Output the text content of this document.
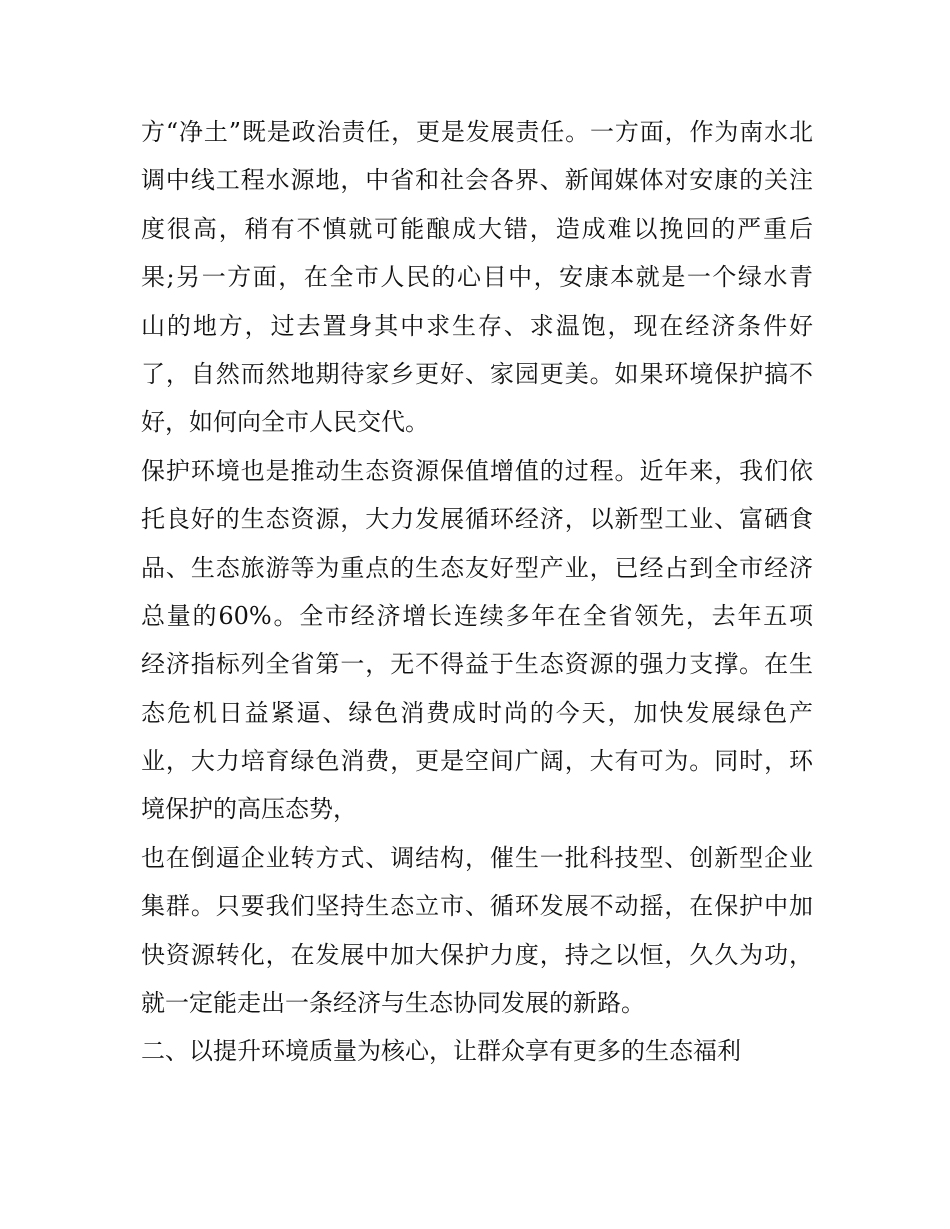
方“净土”既是政治责任，更是发展责任。一方面，作为南水北
调中线工程水源地，中省和社会各界、新闻媒体对安康的关注
度很高，稍有不慎就可能酿成大错，造成难以挽回的严重后
果;另一方面，在全市人民的心目中，安康本就是一个绿水青
山的地方，过去置身其中求生存、求温饱，现在经济条件好
了，自然而然地期待家乡更好、家园更美。如果环境保护搞不
好，如何向全市人民交代。
保护环境也是推动生态资源保值增值的过程。近年来，我们依
托良好的生态资源，大力发展循环经济，以新型工业、富硒食
品、生态旅游等为重点的生态友好型产业，已经占到全市经济
总量的60%。全市经济增长连续多年在全省领先，去年五项
经济指标列全省第一，无不得益于生态资源的强力支撑。在生
态危机日益紧逼、绿色消费成时尚的今天，加快发展绿色产
业，大力培育绿色消费，更是空间广阔，大有可为。同时，环
境保护的高压态势，
也在倒逼企业转方式、调结构，催生一批科技型、创新型企业
集群。只要我们坚持生态立市、循环发展不动摇，在保护中加
快资源转化，在发展中加大保护力度，持之以恒，久久为功，
就一定能走出一条经济与生态协同发展的新路。
二、以提升环境质量为核心，让群众享有更多的生态福利
